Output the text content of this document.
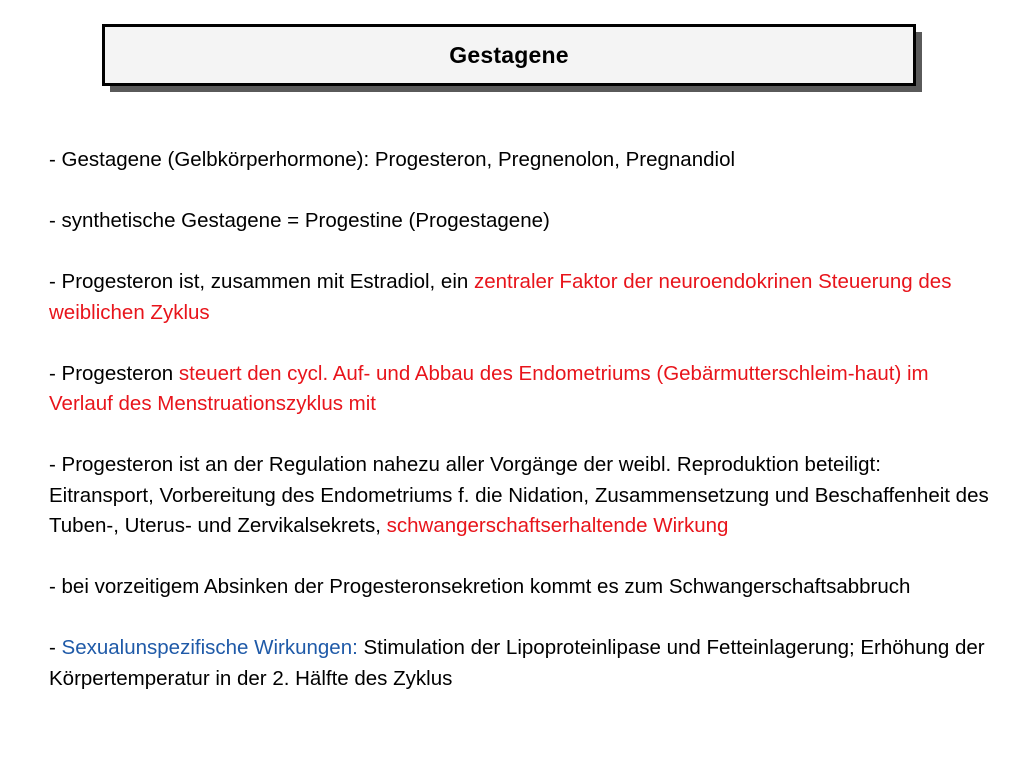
Gestagene

- Gestagene (Gelbkörperhormone): Progesteron, Pregnenolon, Pregnandiol

- synthetische Gestagene = Progestine (Progestagene)

- Progesteron ist, zusammen mit Estradiol, ein zentraler Faktor der neuroendokrinen Steuerung des weiblichen Zyklus

- Progesteron steuert den cycl. Auf- und Abbau des Endometriums (Gebärmutterschleim-haut) im Verlauf des Menstruationszyklus mit

- Progesteron ist an der Regulation nahezu aller Vorgänge der weibl. Reproduktion beteiligt: Eitransport, Vorbereitung des Endometriums f. die Nidation, Zusammensetzung und Beschaffenheit des Tuben-, Uterus- und Zervikalsekrets, schwangerschaftserhaltende Wirkung

- bei vorzeitigem Absinken der Progesteronsekretion kommt es zum Schwangerschaftsabbruch

- Sexualunspezifische Wirkungen: Stimulation der Lipoproteinlipase und Fetteinlagerung; Erhöhung der Körpertemperatur in der 2. Hälfte des Zyklus
